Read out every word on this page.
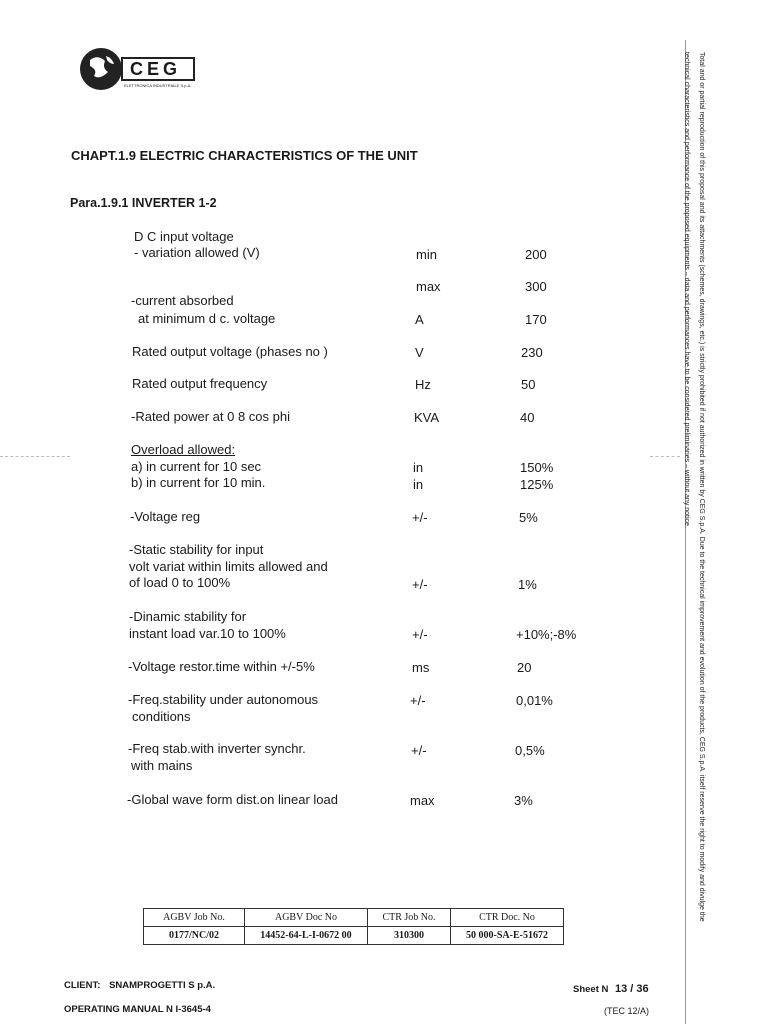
CEG
ELETTRONICA INDUSTRIALE S.p.A.
CHAPT.1.9 ELECTRIC CHARACTERISTICS OF THE UNIT
Para.1.9.1 INVERTER 1-2
D C input voltage
- variation allowed (V)	min	200
max	300
-current absorbed
at minimum d c. voltage	A	170
Rated output voltage (phases no )	V	230
Rated output frequency	Hz	50
-Rated power at 0 8 cos phi	KVA	40
Overload allowed:
a) in current for 10 sec	in	150%
b) in current for 10 min.	in	125%
-Voltage reg	+/-	5%
-Static stability for input
volt variat within limits allowed and
of load 0 to 100%	+/-	1%
-Dinamic stability for
instant load var.10 to 100%	+/-	+10%;-8%
-Voltage restor.time within +/-5%	ms	20
-Freq.stability under autonomous
conditions
+/-	0,01%
-Freq stab.with inverter synchr.
with mains
+/-	0,5%
-Global wave form dist.on linear load	max	3%
AGBV Job No.	AGBV Doc No	CTR Job No.	CTR Doc. No
0177/NC/02	14452-64-L-I-0672 00	310300	50 000-SA-E-51672
CLIENT: SNAMPROGETTI S p.A.
OPERATING MANUAL N I-3645-4
Sheet N 13 / 36
(TEC 12/A)
Total and or partial reproduction of this proposal and its attachments (schemes, drawings, etc.) is strictly prohibited if not authorized in written by CEG S.p.A. Due to the technical improvement and evolution of the products, CEG S.p.A. itself reserve the right to modify and divulge the
technical characteristics and performance of the proposed equipments – data and performances have to be considered preliminaries – without any notice.
